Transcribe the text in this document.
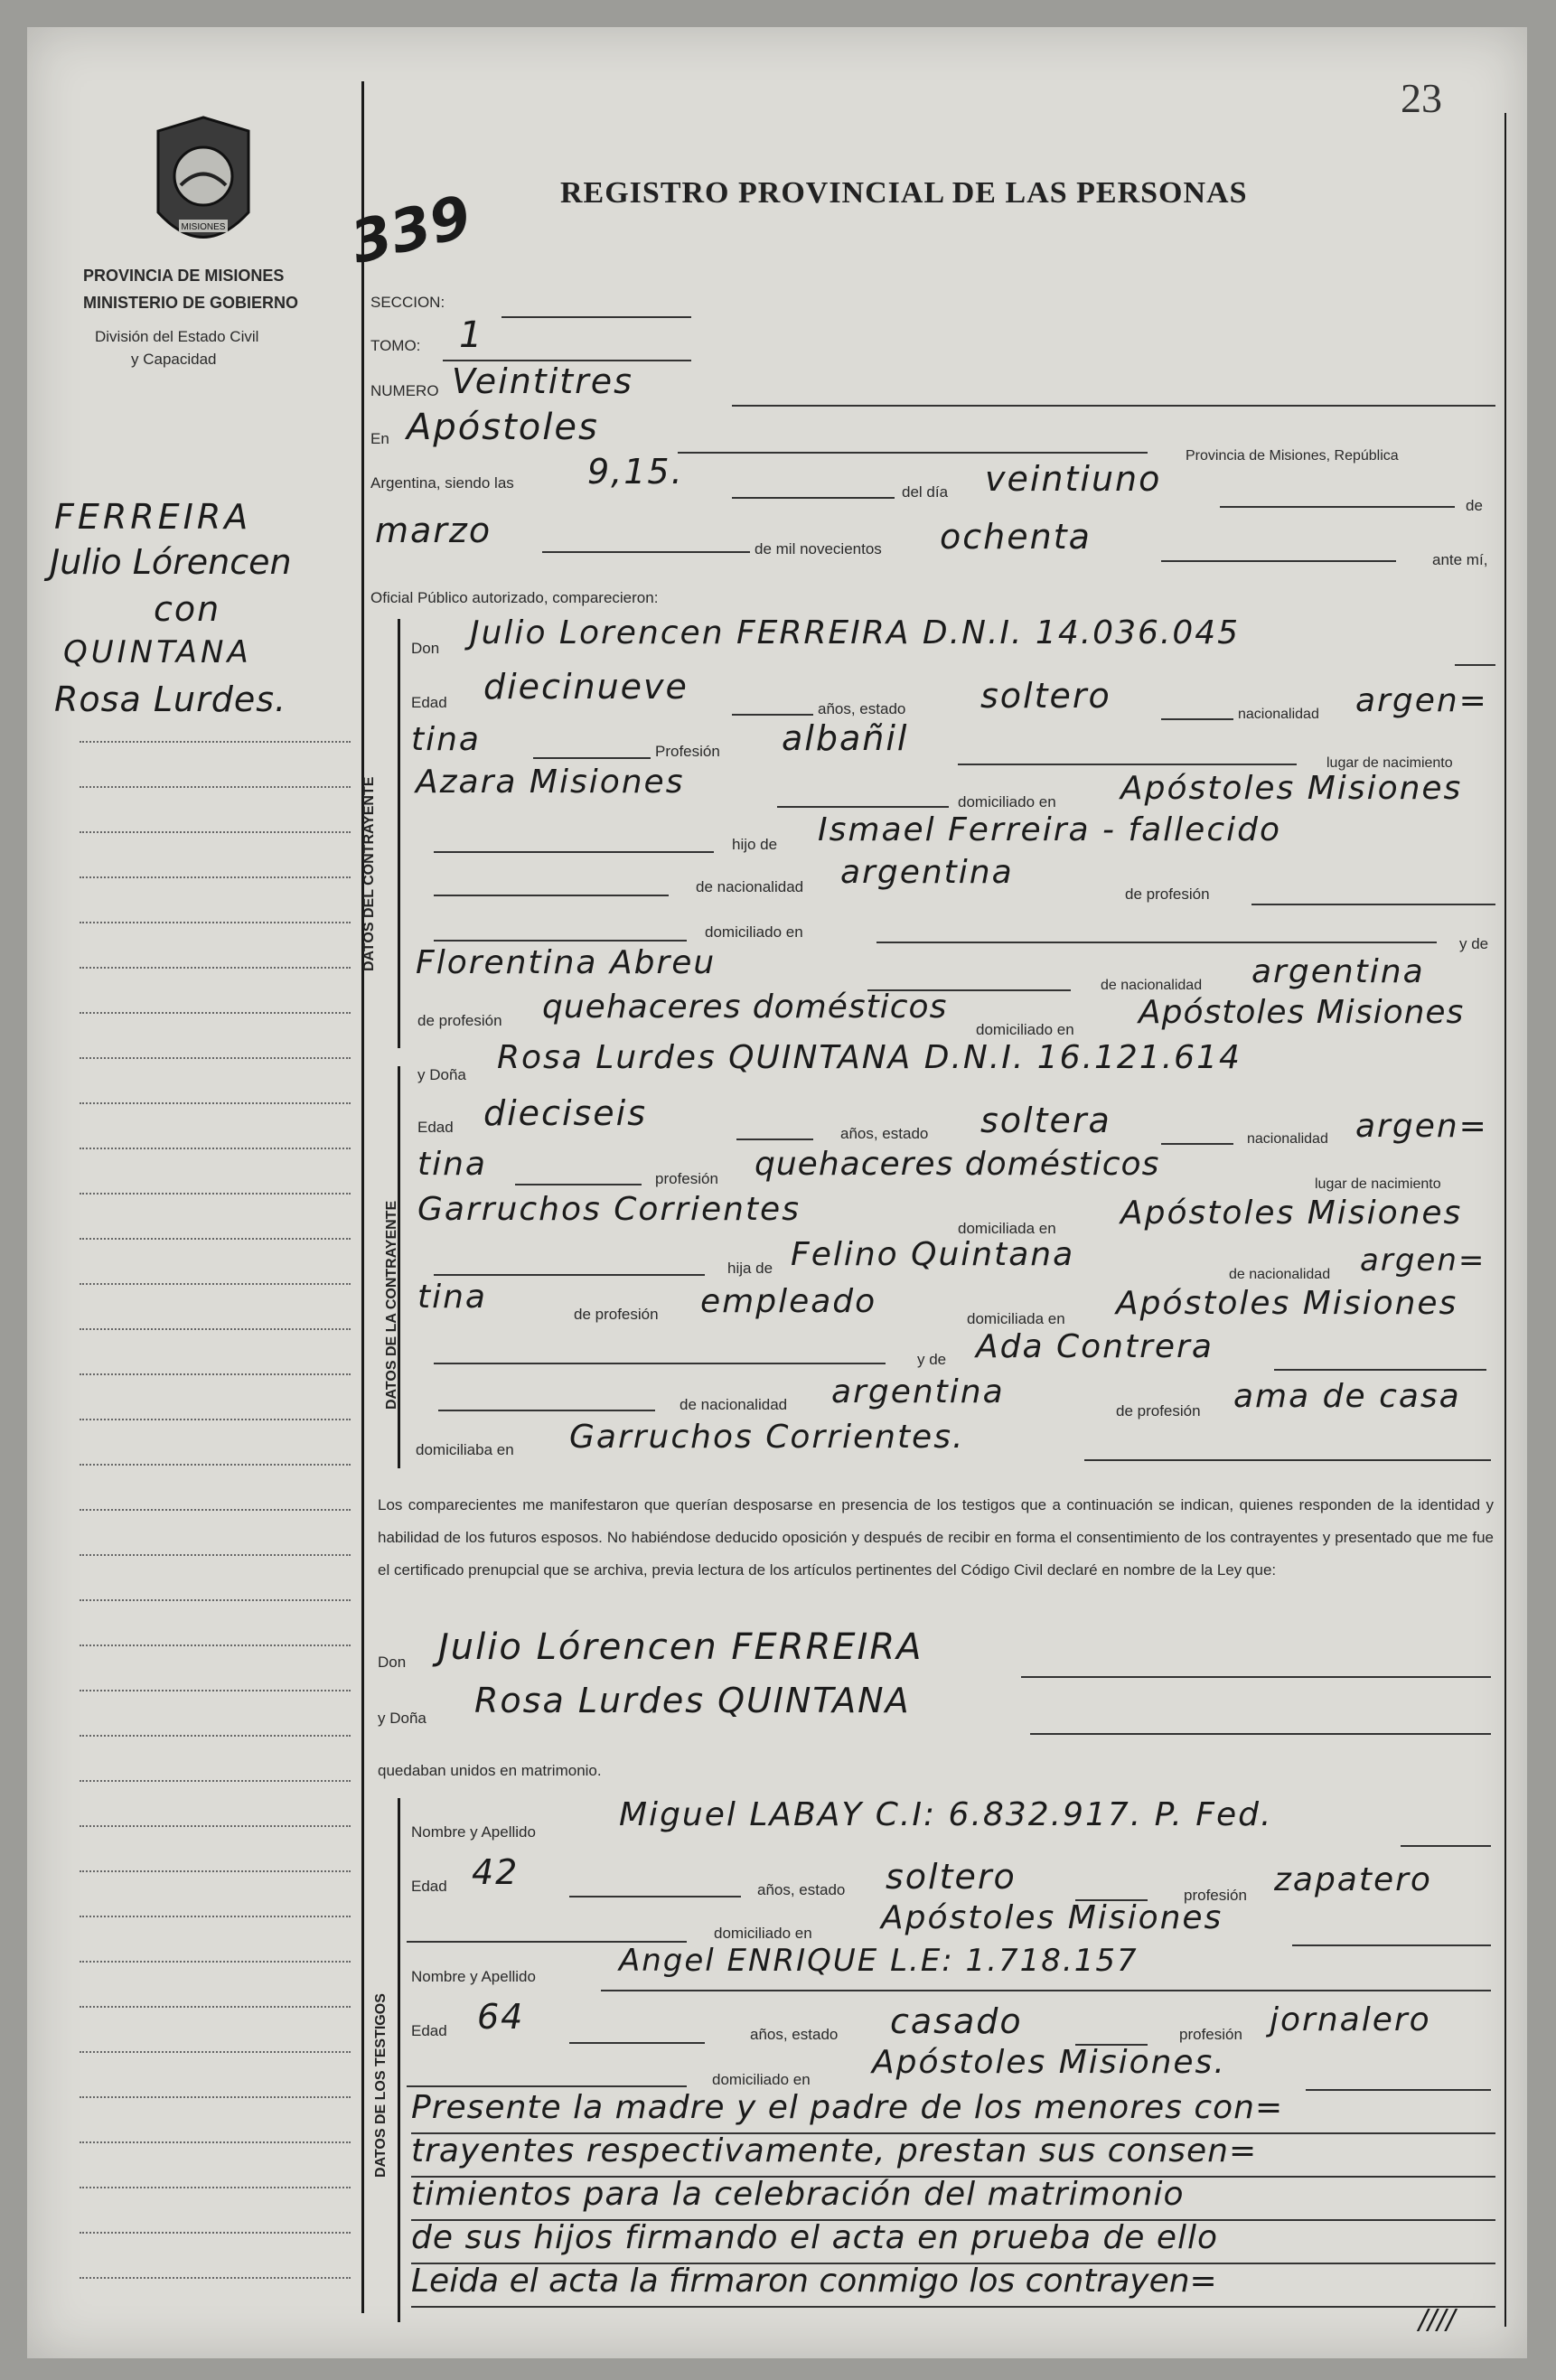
23
339	REGISTRO PROVINCIAL DE LAS PERSONAS
MISIONES
PROVINCIA DE MISIONES
MINISTERIO DE GOBIERNO
División del Estado Civil
y Capacidad
FERREIRA
Julio Lórencen
con
QUINTANA
Rosa Lurdes.
SECCION:
TOMO: 1
NUMERO Veintitres
En Apóstoles
Provincia de Misiones, República
Argentina, siendo las 9,15.
del día veintiuno
de
marzo	de mil novecientos ochenta
ante mí,
Oficial Público autorizado, comparecieron:
DATOS DEL CONTRAYENTE
Don Julio Lorencen FERREIRA D.N.I. 14.036.045
Edad diecinueve
años, estado soltero	nacionalidad argen=
tina	Profesión albañil
lugar de nacimiento
Azara Misiones
domiciliado en Apóstoles Misiones
hijo de Ismael Ferreira - fallecido
de nacionalidad argentina
de profesión
domiciliado en
y de
Florentina Abreu
de nacionalidad argentina
de profesión quehaceres domésticos
domiciliado en Apóstoles Misiones
DATOS DE LA CONTRAYENTE
y Doña Rosa Lurdes QUINTANA D.N.I. 16.121.614
Edad dieciseis
años, estado soltera	nacionalidad argen=
tina	profesión quehaceres domésticos
lugar de nacimiento
Garruchos Corrientes
domiciliada en Apóstoles Misiones
hija de Felino Quintana
de nacionalidad argen=
tina	de profesión empleado	domiciliada en Apóstoles Misiones
y de Ada Contrera
de nacionalidad argentina
de profesión ama de casa
domiciliaba en Garruchos Corrientes.
Los comparecientes me manifestaron que querían desposarse en presencia de los testigos que a continuación se indican, quienes responden de la identidad y habilidad de los futuros esposos. No habiéndose deducido oposición y después de recibir en forma el consentimiento de los contrayentes y presentado que me fue el certificado prenupcial que se archiva, previa lectura de los artículos pertinentes del Código Civil declaré en nombre de la Ley que:
Don Julio Lórencen FERREIRA
y Doña Rosa Lurdes QUINTANA
quedaban unidos en matrimonio.
DATOS DE LOS TESTIGOS
Nombre y Apellido	Miguel LABAY C.I: 6.832.917. P. Fed.
Edad 42	años, estado soltero	profesión zapatero
domiciliado en Apóstoles Misiones
Nombre y Apellido	Angel ENRIQUE L.E: 1.718.157
Edad 64	años, estado casado	profesión jornalero
domiciliado en Apóstoles Misiones.
Presente la madre y el padre de los menores con=
trayentes respectivamente, prestan sus consen=
timientos para la celebración del matrimonio
de sus hijos firmando el acta en prueba de ello
Leida el acta la firmaron conmigo los contrayen=
////
